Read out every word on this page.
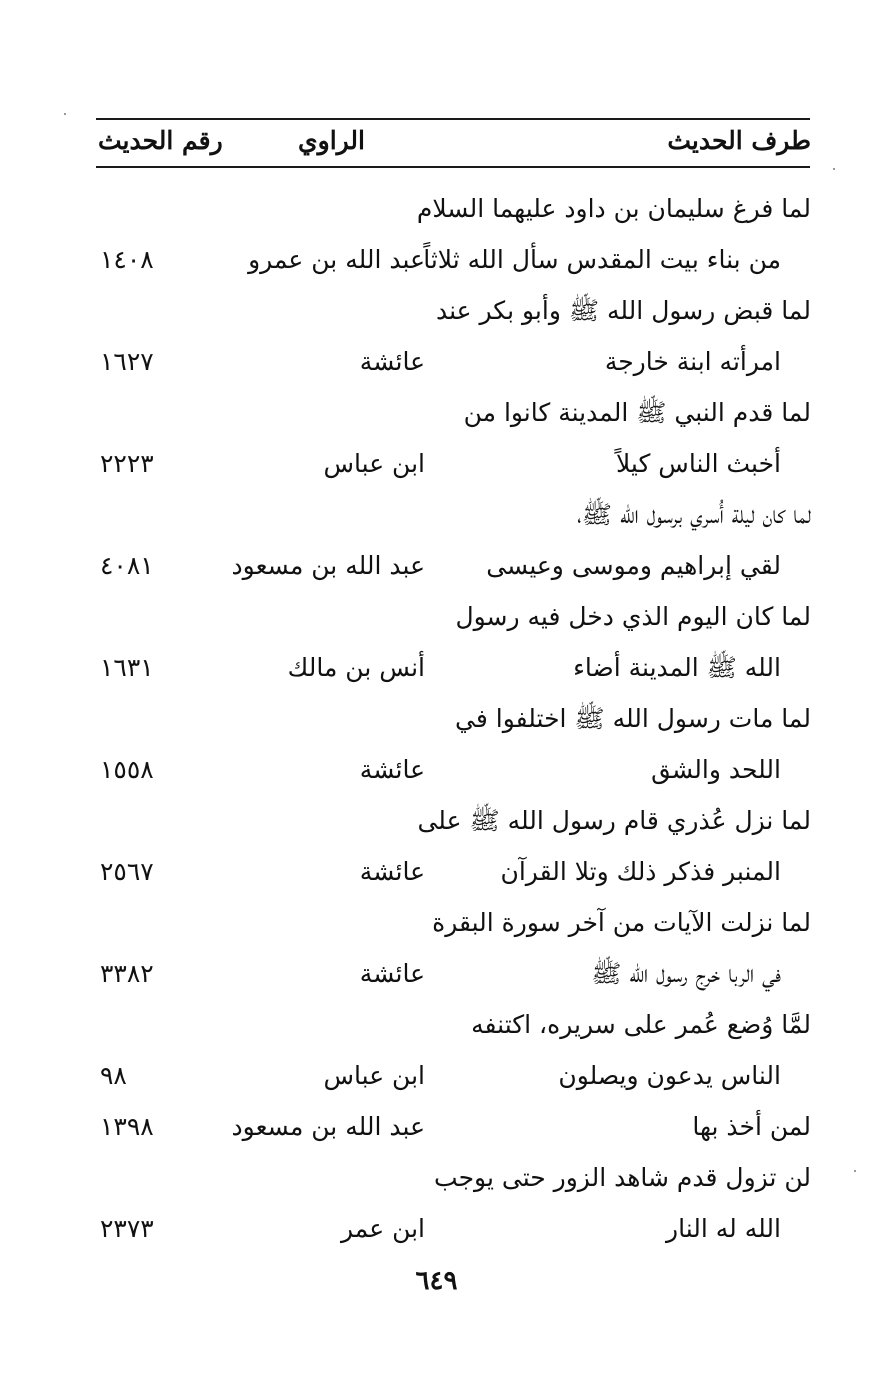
طرف الحديث
الراوي
رقم الحديث
لما فرغ سليمان بن داود عليهما السلام
من بناء بيت المقدس سأل الله ثلاثاً
عبد الله بن عمرو
١٤٠٨
لما قبض رسول الله ﷺ وأبو بكر عند
امرأته ابنة خارجة
عائشة
١٦٢٧
لما قدم النبي ﷺ المدينة كانوا من
أخبث الناس كيلاً
ابن عباس
٢٢٢٣
لما كان ليلة أُسري برسول الله ﷺ،
لقي إبراهيم وموسى وعيسى
عبد الله بن مسعود
٤٠٨١
لما كان اليوم الذي دخل فيه رسول
الله ﷺ المدينة أضاء
أنس بن مالك
١٦٣١
لما مات رسول الله ﷺ اختلفوا في
اللحد والشق
عائشة
١٥٥٨
لما نزل عُذري قام رسول الله ﷺ على
المنبر فذكر ذلك وتلا القرآن
عائشة
٢٥٦٧
لما نزلت الآيات من آخر سورة البقرة
في الربا خرج رسول الله ﷺ
عائشة
٣٣٨٢
لمَّا وُضع عُمر على سريره، اكتنفه
الناس يدعون ويصلون
ابن عباس
٩٨
لمن أخذ بها
عبد الله بن مسعود
١٣٩٨
لن تزول قدم شاهد الزور حتى يوجب
الله له النار
ابن عمر
٢٣٧٣
٦٤٩
